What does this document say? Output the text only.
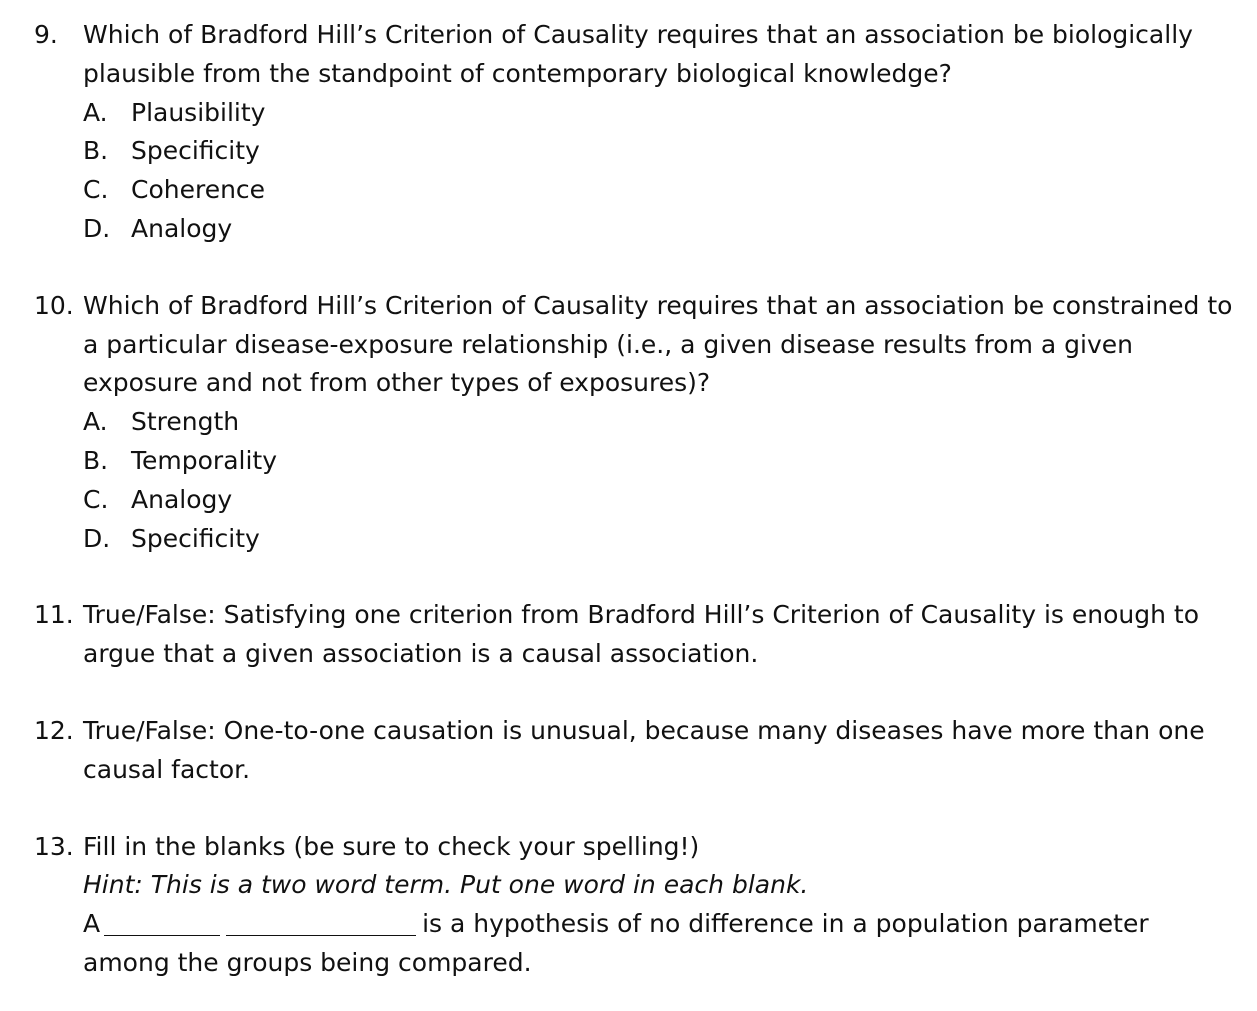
9. Which of Bradford Hill’s Criterion of Causality requires that an association be biologically plausible from the standpoint of contemporary biological knowledge?
A. Plausibility
B. Specificity
C. Coherence
D. Analogy
10. Which of Bradford Hill’s Criterion of Causality requires that an association be constrained to a particular disease-exposure relationship (i.e., a given disease results from a given exposure and not from other types of exposures)?
A. Strength
B. Temporality
C. Analogy
D. Specificity
11. True/False: Satisfying one criterion from Bradford Hill’s Criterion of Causality is enough to argue that a given association is a causal association.
12. True/False: One-to-one causation is unusual, because many diseases have more than one causal factor.
13. Fill in the blanks (be sure to check your spelling!)
Hint: This is a two word term. Put one word in each blank.
A	is a hypothesis of no difference in a population parameter among the groups being compared.
